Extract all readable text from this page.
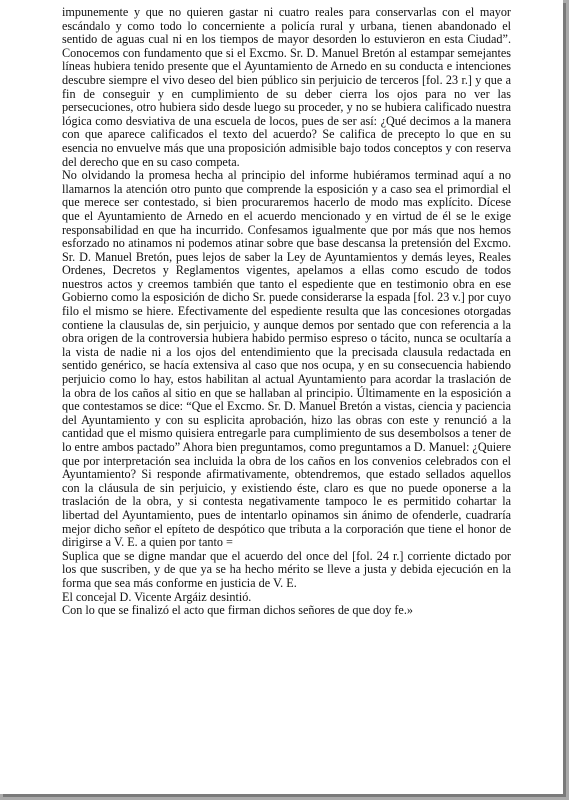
impunemente y que no quieren gastar ni cuatro reales para conservarlas con el mayor escándalo y como todo lo concerniente a policía rural y urbana, tienen abandonado el sentido de aguas cual ni en los tiempos de mayor desorden lo estuvieron en esta Ciudad”. Conocemos con fundamento que si el Excmo. Sr. D. Manuel Bretón al estampar semejantes líneas hubiera tenido presente que el Ayuntamiento de Arnedo en su conducta e intenciones descubre siempre el vivo deseo del bien público sin perjuicio de terceros [fol. 23 r.] y que a fin de conseguir y en cumplimiento de su deber cierra los ojos para no ver las persecuciones, otro hubiera sido desde luego su proceder, y no se hubiera calificado nuestra lógica como desviativa de una escuela de locos, pues de ser así: ¿Qué decimos a la manera con que aparece calificados el texto del acuerdo? Se califica de precepto lo que en su esencia no envuelve más que una proposición admisible bajo todos conceptos y con reserva del derecho que en su caso competa.

No olvidando la promesa hecha al principio del informe hubiéramos terminad aquí a no llamarnos la atención otro punto que comprende la esposición y a caso sea el primordial el que merece ser contestado, si bien procuraremos hacerlo de modo mas explícito. Dícese que el Ayuntamiento de Arnedo en el acuerdo mencionado y en virtud de él se le exige responsabilidad en que ha incurrido. Confesamos igualmente que por más que nos hemos esforzado no atinamos ni podemos atinar sobre que base descansa la pretensión del Excmo. Sr. D. Manuel Bretón, pues lejos de saber la Ley de Ayuntamientos y demás leyes, Reales Ordenes, Decretos y Reglamentos vigentes, apelamos a ellas como escudo de todos nuestros actos y creemos también que tanto el espediente que en testimonio obra en ese Gobierno como la esposición de dicho Sr. puede considerarse la espada [fol. 23 v.] por cuyo filo el mismo se hiere. Efectivamente del espediente resulta que las concesiones otorgadas contiene la clausulas de, sin perjuicio, y aunque demos por sentado que con referencia a la obra origen de la controversia hubiera habido permiso espreso o tácito, nunca se ocultaría a la vista de nadie ni a los ojos del entendimiento que la precisada clausula redactada en sentido genérico, se hacía extensiva al caso que nos ocupa, y en su consecuencia habiendo perjuicio como lo hay, estos habilitan al actual Ayuntamiento para acordar la traslación de la obra de los caños al sitio en que se hallaban al principio. Últimamente en la esposición a que contestamos se dice: “Que el Excmo. Sr. D. Manuel Bretón a vistas, ciencia y paciencia del Ayuntamiento y con su esplicita aprobación, hizo las obras con este y renunció a la cantidad que el mismo quisiera entregarle para cumplimiento de sus desembolsos a tener de lo entre ambos pactado” Ahora bien preguntamos, como preguntamos a D. Manuel: ¿Quiere que por interpretación sea incluida la obra de los caños en los convenios celebrados con el Ayuntamiento? Si responde afirmativamente, obtendremos, que estado sellados aquellos con la cláusula de sin perjuicio, y existiendo éste, claro es que no puede oponerse a la traslación de la obra, y si contesta negativamente tampoco le es permitido cohartar la libertad del Ayuntamiento, pues de intentarlo opinamos sin ánimo de ofenderle, cuadraría mejor dicho señor el epíteto de despótico que tributa a la corporación que tiene el honor de dirigirse a V. E. a quien por tanto =

Suplica que se digne mandar que el acuerdo del once del [fol. 24 r.] corriente dictado por los que suscriben, y de que ya se ha hecho mérito se lleve a justa y debida ejecución en la forma que sea más conforme en justicia de V. E.

El concejal D. Vicente Argáiz desintió.

Con lo que se finalizó el acto que firman dichos señores de que doy fe.»
